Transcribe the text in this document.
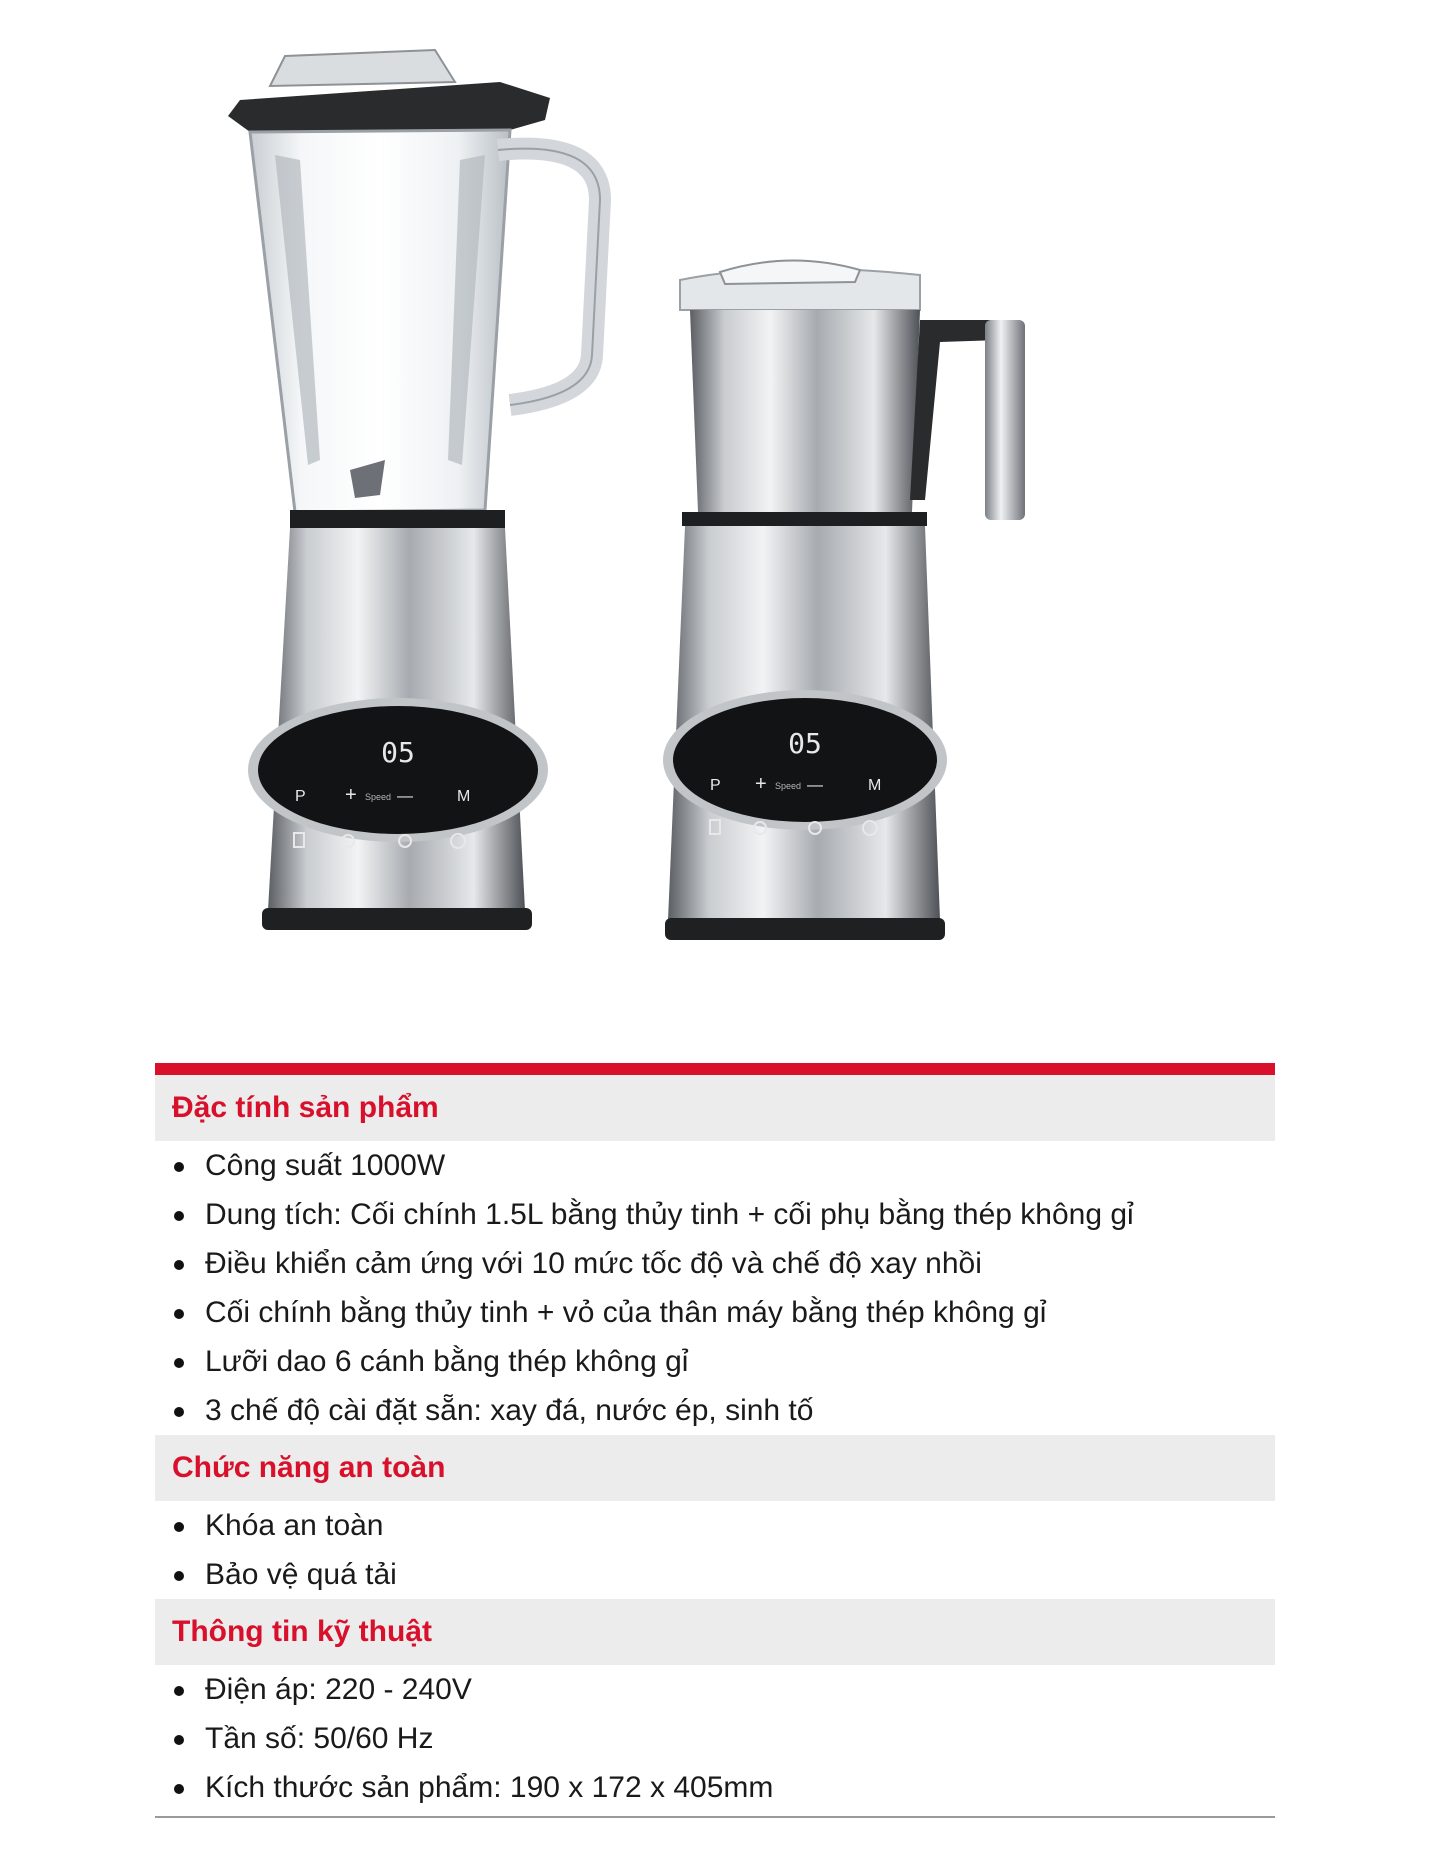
05
P + Speed —	M
05
P + Speed —	M
Đặc tính sản phẩm
Công suất 1000W
Dung tích: Cối chính 1.5L bằng thủy tinh + cối phụ bằng thép không gỉ
Điều khiển cảm ứng với 10 mức tốc độ và chế độ xay nhồi
Cối chính bằng thủy tinh + vỏ của thân máy bằng thép không gỉ
Lưỡi dao 6 cánh bằng thép không gỉ
3 chế độ cài đặt sẵn: xay đá, nước ép, sinh tố
Chức năng an toàn
Khóa an toàn
Bảo vệ quá tải
Thông tin kỹ thuật
Điện áp: 220 - 240V
Tần số: 50/60 Hz
Kích thước sản phẩm: 190 x 172 x 405mm
